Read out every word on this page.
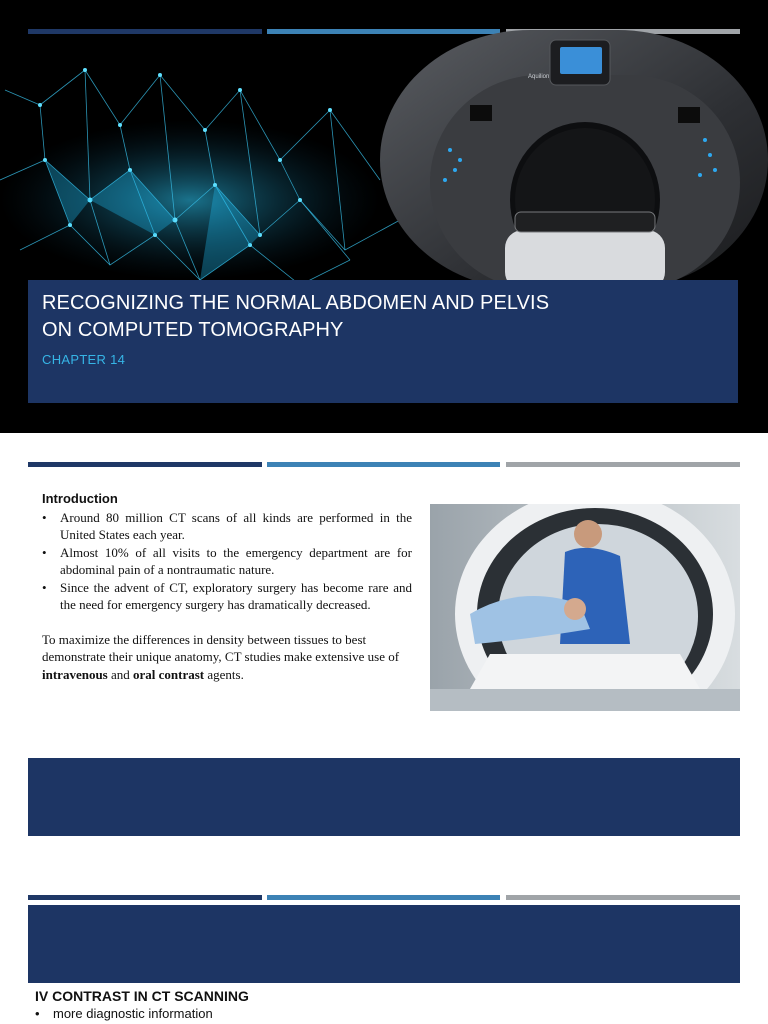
Aquilion
RECOGNIZING THE NORMAL ABDOMEN AND PELVIS
ON COMPUTED TOMOGRAPHY
CHAPTER 14
Introduction
• Around 80 million CT scans of all kinds are performed in the United States each year.
• Almost 10% of all visits to the emergency department are for abdominal pain of a nontraumatic nature.
• Since the advent of CT, exploratory surgery has become rare and the need for emergency surgery has dramatically decreased.

To maximize the differences in density between tissues to best demonstrate their unique anatomy, CT studies make extensive use of intravenous and oral contrast agents.

IV CONTRAST IN CT SCANNING
• more diagnostic information
